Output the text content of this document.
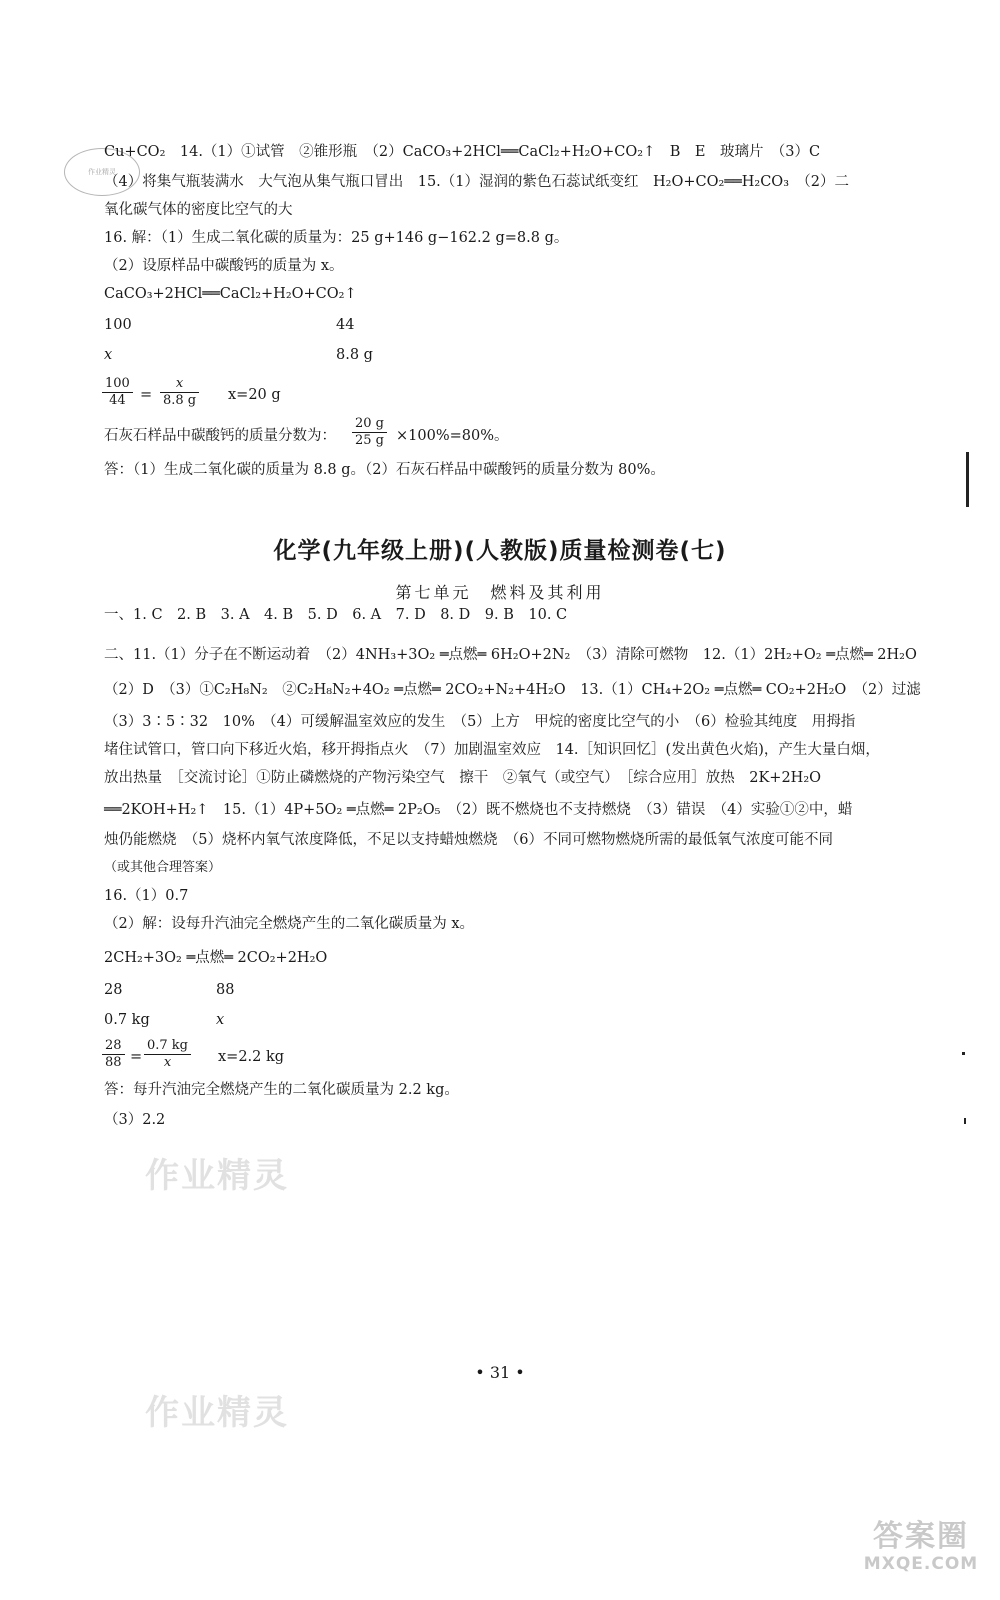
作业精灵
Cu+CO₂　14.（1）①试管　②锥形瓶　（2）CaCO₃+2HCl══CaCl₂+H₂O+CO₂↑　B　E　玻璃片　（3）C
（4）将集气瓶装满水　大气泡从集气瓶口冒出　15.（1）湿润的紫色石蕊试纸变红　H₂O+CO₂══H₂CO₃　（2）二
氧化碳气体的密度比空气的大
16. 解：（1）生成二氧化碳的质量为：25 g+146 g−162.2 g=8.8 g。
（2）设原样品中碳酸钙的质量为 x。
CaCO₃+2HCl══CaCl₂+H₂O+CO₂↑
100	44
x	8.8 g
$\frac{100}{44} = \frac{x}{8.8 g} x=20$ g
石灰石样品中碳酸钙的质量分数为：	$\frac{20 g}{25 g} \times 100\%=80\%$。
答：（1）生成二氧化碳的质量为 8.8 g。（2）石灰石样品中碳酸钙的质量分数为 80%。
化学(九年级上册)(人教版)质量检测卷(七)
第七单元　燃料及其利用
一、1. C　2. B　3. A　4. B　5. D　6. A　7. D　8. D　9. B　10. C
二、11.（1）分子在不断运动着　（2）4NH₃+3O₂ ═点燃═ 6H₂O+2N₂　（3）清除可燃物　12.（1）2H₂+O₂ ═点燃═ 2H₂O
（2）D　（3）①C₂H₈N₂　②C₂H₈N₂+4O₂ ═点燃═ 2CO₂+N₂+4H₂O　13.（1）CH₄+2O₂ ═点燃═ CO₂+2H₂O　（2）过滤
（3）3∶5∶32　10%　（4）可缓解温室效应的发生　（5）上方　甲烷的密度比空气的小　（6）检验其纯度　用拇指
堵住试管口，管口向下移近火焰，移开拇指点火　（7）加剧温室效应　14.［知识回忆］(发出黄色火焰)，产生大量白烟，
放出热量　［交流讨论］①防止磷燃烧的产物污染空气　擦干　②氧气（或空气）　［综合应用］放热　2K+2H₂O
══2KOH+H₂↑　15.（1）4P+5O₂ ═点燃═ 2P₂O₅　（2）既不燃烧也不支持燃烧　（3）错误　（4）实验①②中，蜡
烛仍能燃烧　（5）烧杯内氧气浓度降低，不足以支持蜡烛燃烧　（6）不同可燃物燃烧所需的最低氧气浓度可能不同
（或其他合理答案）
16.（1）0.7
（2）解：设每升汽油完全燃烧产生的二氧化碳质量为 x。
2CH₂+3O₂ ═点燃═ 2CO₂+2H₂O
28	88
0.7 kg	x
$\frac{28}{88} = \frac{0.7 kg}{x} x=2.2$ kg
答：每升汽油完全燃烧产生的二氧化碳质量为 2.2 kg。
（3）2.2
作业精灵
作业精灵
• 31 •
答案圈
MXQE.COM
